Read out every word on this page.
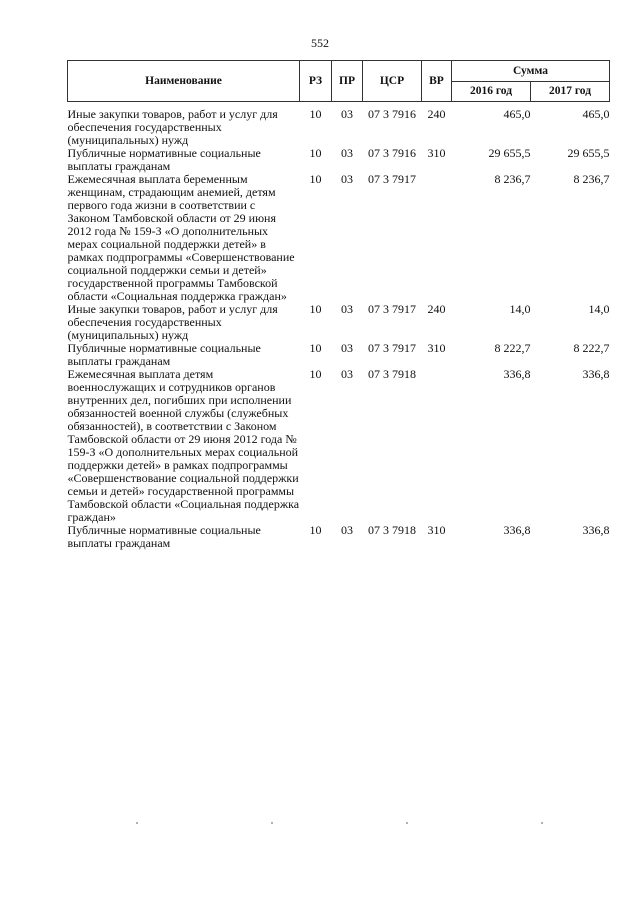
552
Наименование	РЗ	ПР	ЦСР	ВР	Сумма	
					2016 год	2017 год

Иные закупки товаров, работ и услуг для обеспечения государственных (муниципальных) нужд	10	03	07 3 7916	240	465,0	465,0
Публичные нормативные социальные выплаты гражданам	10	03	07 3 7916	310	29 655,5	29 655,5
Ежемесячная выплата беременным женщинам, страдающим анемией, детям первого года жизни в соответствии с Законом Тамбовской области от 29 июня 2012 года № 159-З «О дополнительных мерах социальной поддержки детей» в рамках подпрограммы «Совершенствование социальной поддержки семьи и детей» государственной программы Тамбовской области «Социальная поддержка граждан»	10	03	07 3 7917		8 236,7	8 236,7
Иные закупки товаров, работ и услуг для обеспечения государственных (муниципальных) нужд	10	03	07 3 7917	240	14,0	14,0
Публичные нормативные социальные выплаты гражданам	10	03	07 3 7917	310	8 222,7	8 222,7
Ежемесячная выплата детям военнослужащих и сотрудников органов внутренних дел, погибших при исполнении обязанностей военной службы (служебных обязанностей), в соответствии с Законом Тамбовской области от 29 июня 2012 года № 159-З «О дополнительных мерах социальной поддержки детей» в рамках подпрограммы «Совершенствование социальной поддержки семьи и детей» государственной программы Тамбовской области «Социальная поддержка граждан»	10	03	07 3 7918		336,8	336,8
Публичные нормативные социальные выплаты гражданам	10	03	07 3 7918	310	336,8	336,8
